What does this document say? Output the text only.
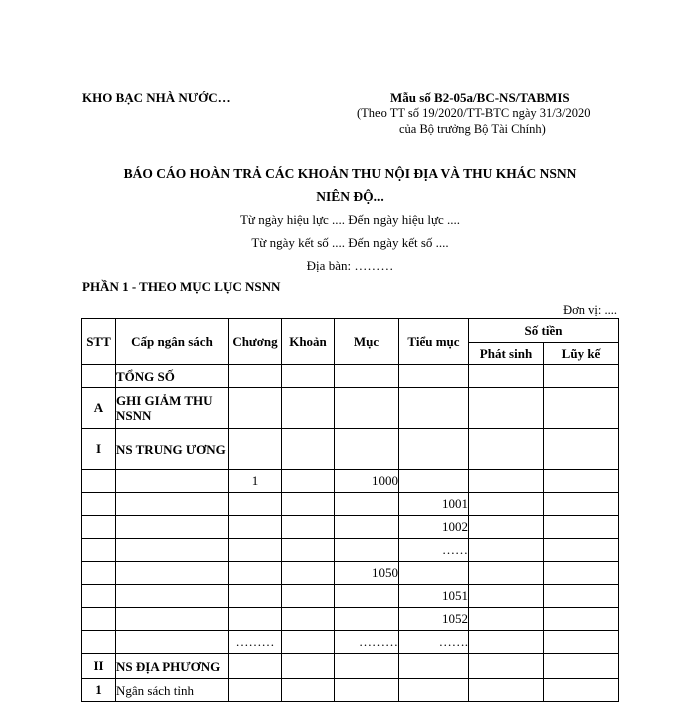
KHO BẠC NHÀ NƯỚC…	Mẫu số B2-05a/BC-NS/TABMIS
(Theo TT số 19/2020/TT-BTC ngày 31/3/2020
của Bộ trưởng Bộ Tài Chính)
BÁO CÁO HOÀN TRẢ CÁC KHOẢN THU NỘI ĐỊA VÀ THU KHÁC NSNN
NIÊN ĐỘ...
Từ ngày hiệu lực .... Đến ngày hiệu lực ....
Từ ngày kết số .... Đến ngày kết số ....
Địa bàn: ………
PHẦN 1 - THEO MỤC LỤC NSNN
Đơn vị: ....
STT	Cấp ngân sách	Chương	Khoản	Mục	Tiểu mục	Số tiền	
						Phát sinh	Lũy kế
	TỔNG SỐ						
A	GHI GIẢM THU NSNN						
I	NS TRUNG ƯƠNG						
		1		1000			
					1001		
					1002		
					……		
				1050			
					1051		
					1052		
		………		………	…….		
II	NS ĐỊA PHƯƠNG						
1	Ngân sách tỉnh						
